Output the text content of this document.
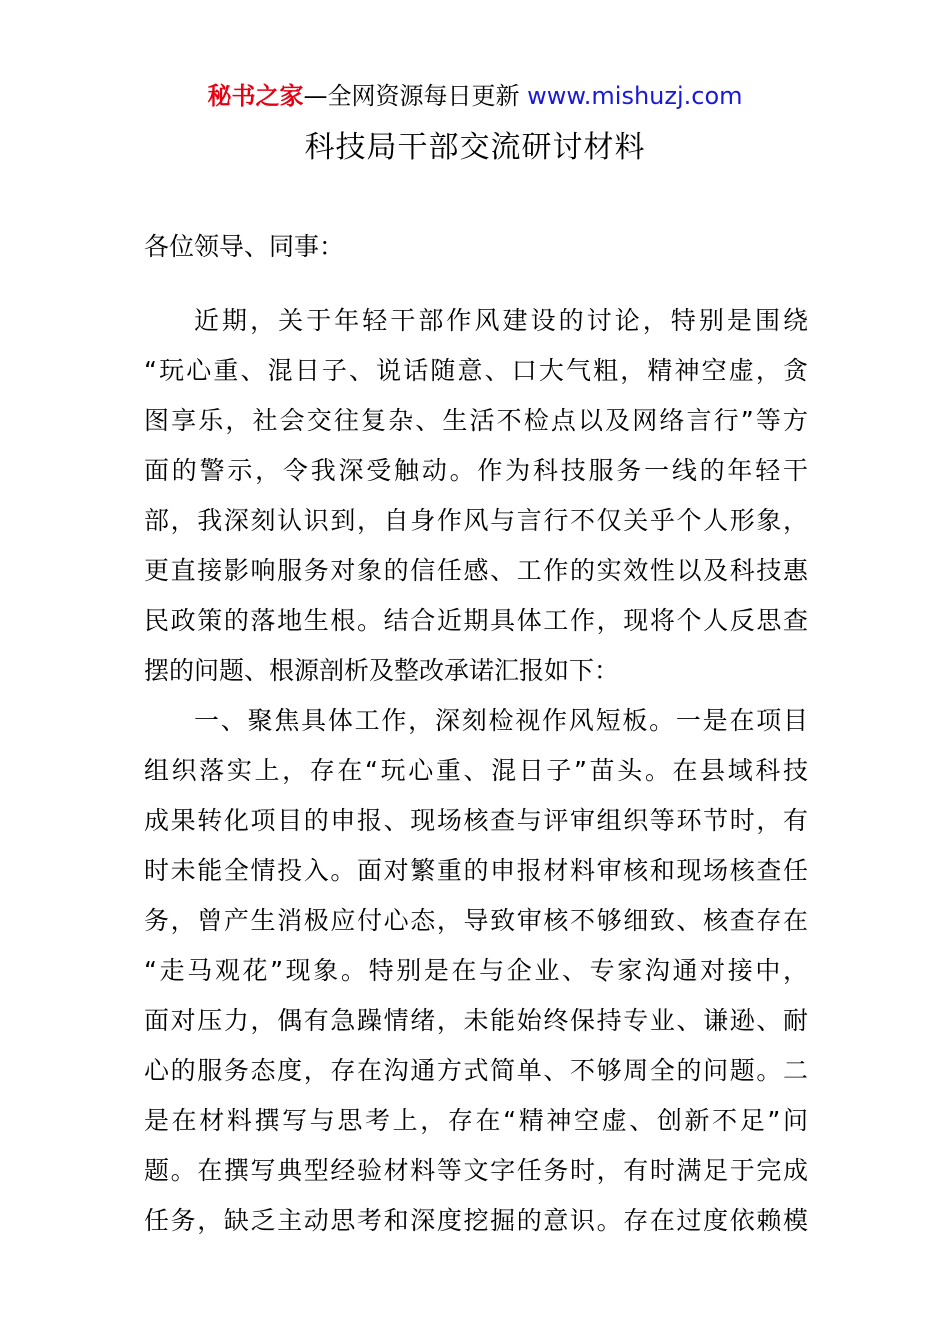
秘书之家—全网资源每日更新 www.mishuzj.com
科技局干部交流研讨材料
各位领导、同事：
近期，关于年轻干部作风建设的讨论，特别是围绕
“玩心重、混日子、说话随意、口大气粗，精神空虚，贪
图享乐，社会交往复杂、生活不检点以及网络言行”等方
面的警示，令我深受触动。作为科技服务一线的年轻干
部，我深刻认识到，自身作风与言行不仅关乎个人形象，
更直接影响服务对象的信任感、工作的实效性以及科技惠
民政策的落地生根。结合近期具体工作，现将个人反思查
摆的问题、根源剖析及整改承诺汇报如下：
一、聚焦具体工作，深刻检视作风短板。一是在项目
组织落实上，存在“玩心重、混日子”苗头。在县域科技
成果转化项目的申报、现场核查与评审组织等环节时，有
时未能全情投入。面对繁重的申报材料审核和现场核查任
务，曾产生消极应付心态，导致审核不够细致、核查存在
“走马观花”现象。特别是在与企业、专家沟通对接中，
面对压力，偶有急躁情绪，未能始终保持专业、谦逊、耐
心的服务态度，存在沟通方式简单、不够周全的问题。二
是在材料撰写与思考上，存在“精神空虚、创新不足”问
题。在撰写典型经验材料等文字任务时，有时满足于完成
任务，缺乏主动思考和深度挖掘的意识。存在过度依赖模
